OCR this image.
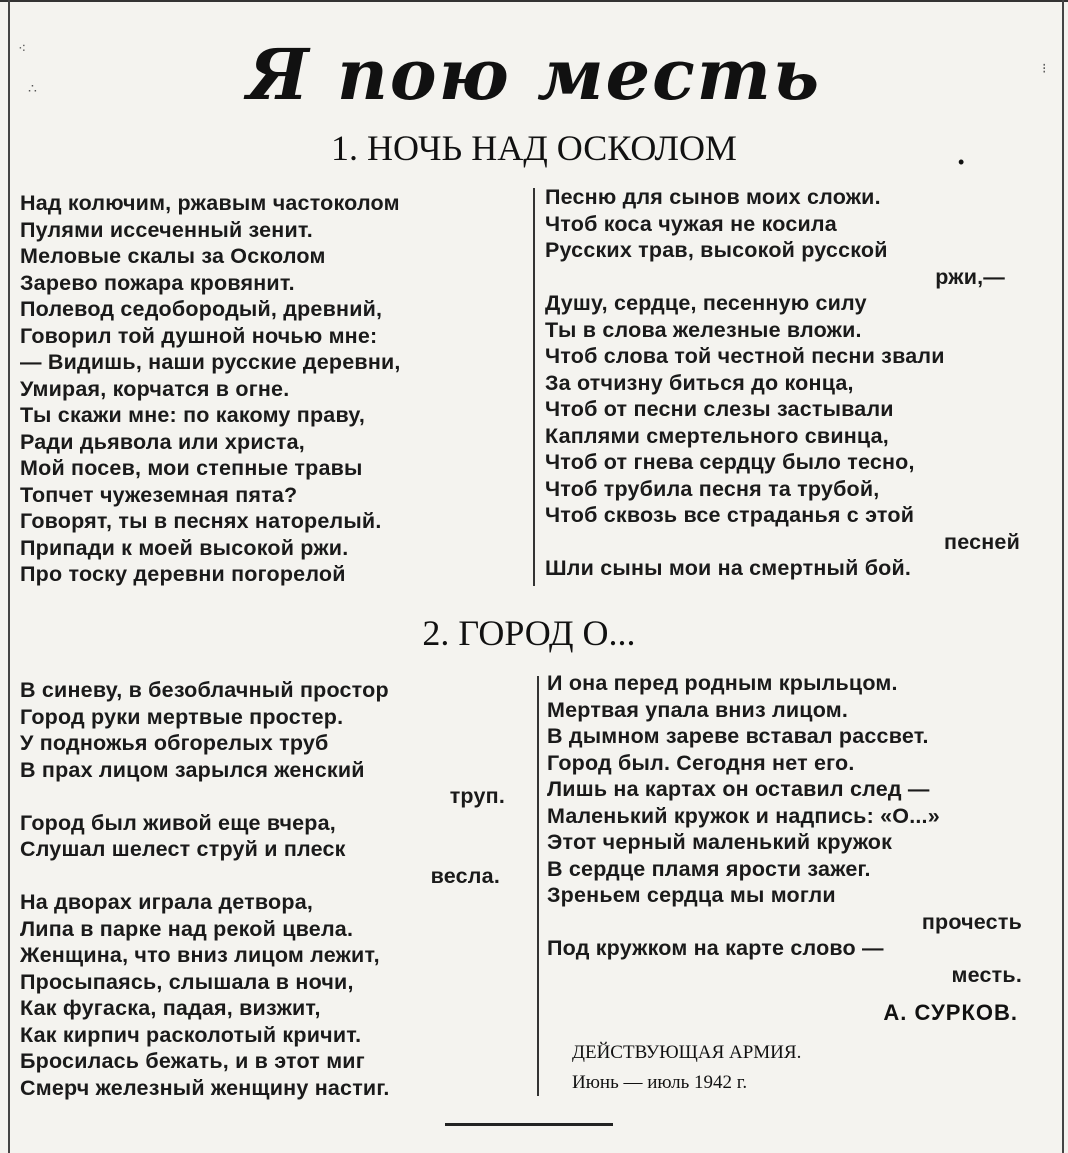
Я пою месть
1. НОЧЬ НАД ОСКОЛОМ
Над колючим, ржавым частоколом
Пулями иссеченный зенит.
Меловые скалы за Осколом
Зарево пожара кровянит.
Полевод седобородый, древний,
Говорил той душной ночью мне:
— Видишь, наши русские деревни,
Умирая, корчатся в огне.
Ты скажи мне: по какому праву,
Ради дьявола или христа,
Мой посев, мои степные травы
Топчет чужеземная пята?
Говорят, ты в песнях наторелый.
Припади к моей высокой ржи.
Про тоску деревни погорелой
Песню для сынов моих сложи.
Чтоб коса чужая не косила
Русских трав, высокой русской
ржи,—
Душу, сердце, песенную силу
Ты в слова железные вложи.
Чтоб слова той честной песни звали
За отчизну биться до конца,
Чтоб от песни слезы застывали
Каплями смертельного свинца,
Чтоб от гнева сердцу было тесно,
Чтоб трубила песня та трубой,
Чтоб сквозь все страданья с этой
песней
Шли сыны мои на смертный бой.
2. ГОРОД О...
В синеву, в безоблачный простор
Город руки мертвые простер.
У подножья обгорелых труб
В прах лицом зарылся женский
труп.
Город был живой еще вчера,
Слушал шелест струй и плеск
весла.
На дворах играла детвора,
Липа в парке над рекой цвела.
Женщина, что вниз лицом лежит,
Просыпаясь, слышала в ночи,
Как фугаска, падая, визжит,
Как кирпич расколотый кричит.
Бросилась бежать, и в этот миг
Смерч железный женщину настиг.
И она перед родным крыльцом.
Мертвая упала вниз лицом.
В дымном зареве вставал рассвет.
Город был. Сегодня нет его.
Лишь на картах он оставил след —
Маленький кружок и надпись: «О...»
Этот черный маленький кружок
В сердце пламя ярости зажег.
Зреньем сердца мы могли
прочесть
Под кружком на карте слово —
месть.
А. СУРКОВ.
ДЕЙСТВУЮЩАЯ АРМИЯ.
Июнь — июль 1942 г.
⁖
∴
⁝
•
